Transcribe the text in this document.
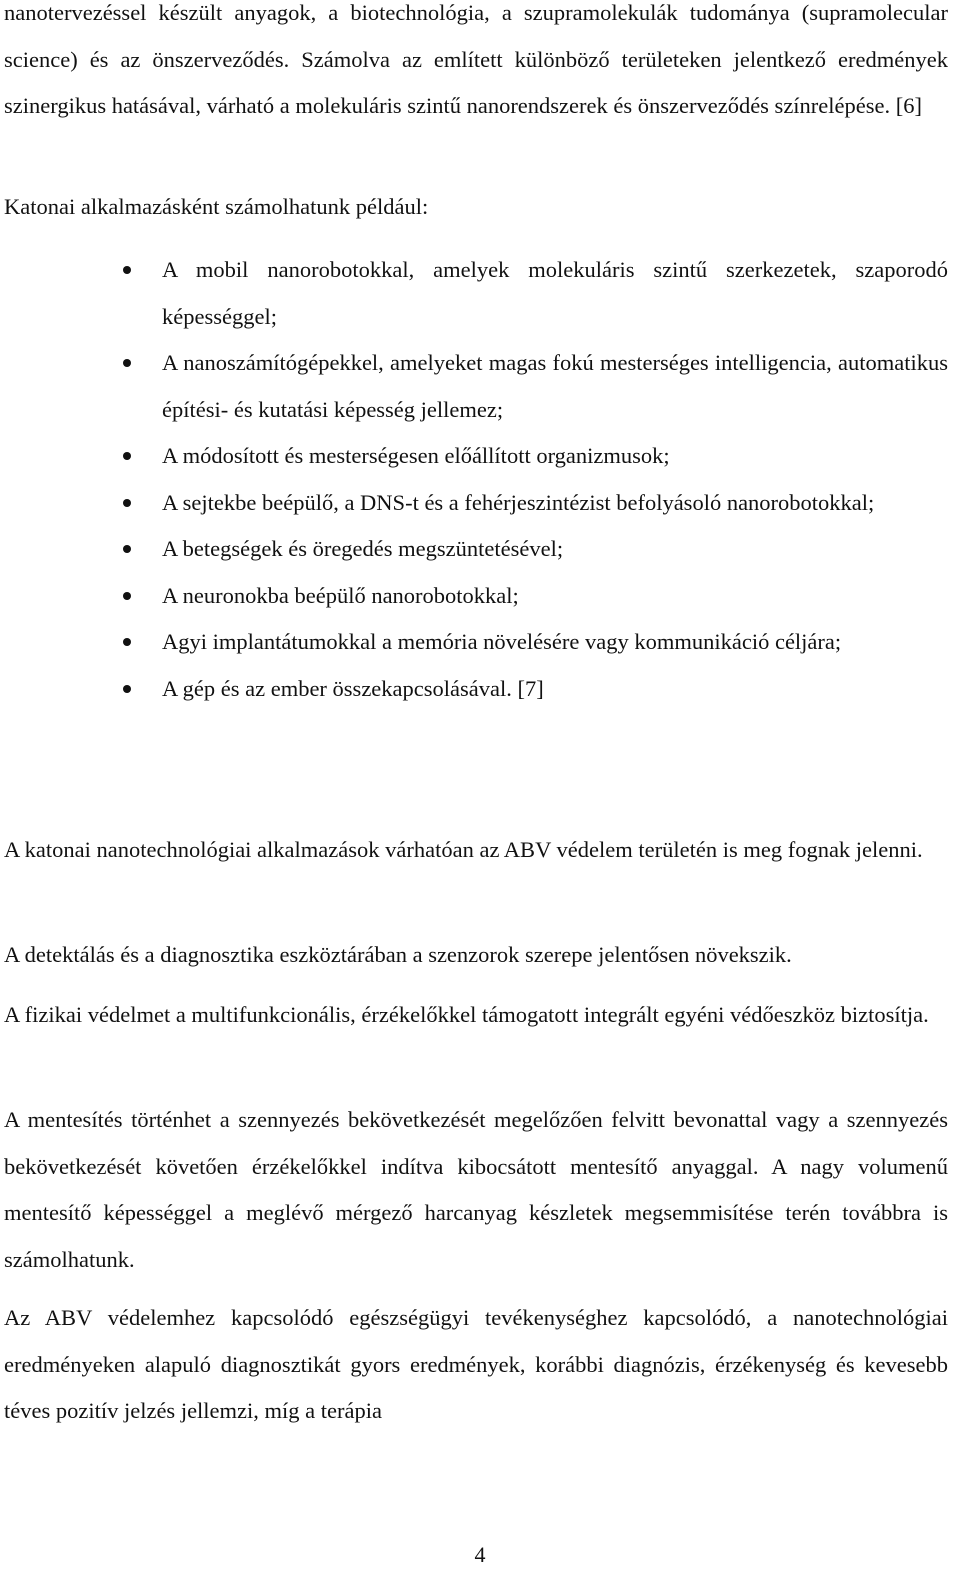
nanotervezéssel készült anyagok, a biotechnológia, a szupramolekulák tudománya (supramolecular science) és az önszerveződés. Számolva az említett különböző területeken jelentkező eredmények szinergikus hatásával, várható a molekuláris szintű nanorendszerek és önszerveződés színrelépése. [6]

Katonai alkalmazásként számolhatunk például:

A mobil nanorobotokkal, amelyek molekuláris szintű szerkezetek, szaporodó képességgel;
A nanoszámítógépekkel, amelyeket magas fokú mesterséges intelligencia, automatikus építési- és kutatási képesség jellemez;
A módosított és mesterségesen előállított organizmusok;
A sejtekbe beépülő, a DNS-t és a fehérjeszintézist befolyásoló nanorobotokkal;
A betegségek és öregedés megszüntetésével;
A neuronokba beépülő nanorobotokkal;
Agyi implantátumokkal a memória növelésére vagy kommunikáció céljára;
A gép és az ember összekapcsolásával. [7]

A katonai nanotechnológiai alkalmazások várhatóan az ABV védelem területén is meg fognak jelenni.

A detektálás és a diagnosztika eszköztárában a szenzorok szerepe jelentősen növekszik.

A fizikai védelmet a multifunkcionális, érzékelőkkel támogatott integrált egyéni védőeszköz biztosítja.

A mentesítés történhet a szennyezés bekövetkezését megelőzően felvitt bevonattal vagy a szennyezés bekövetkezését követően érzékelőkkel indítva kibocsátott mentesítő anyaggal. A nagy volumenű mentesítő képességgel a meglévő mérgező harcanyag készletek megsemmisítése terén továbbra is számolhatunk.

Az ABV védelemhez kapcsolódó egészségügyi tevékenységhez kapcsolódó, a nanotechnológiai eredményeken alapuló diagnosztikát gyors eredmények, korábbi diagnózis, érzékenység és kevesebb téves pozitív jelzés jellemzi, míg a terápia

4
